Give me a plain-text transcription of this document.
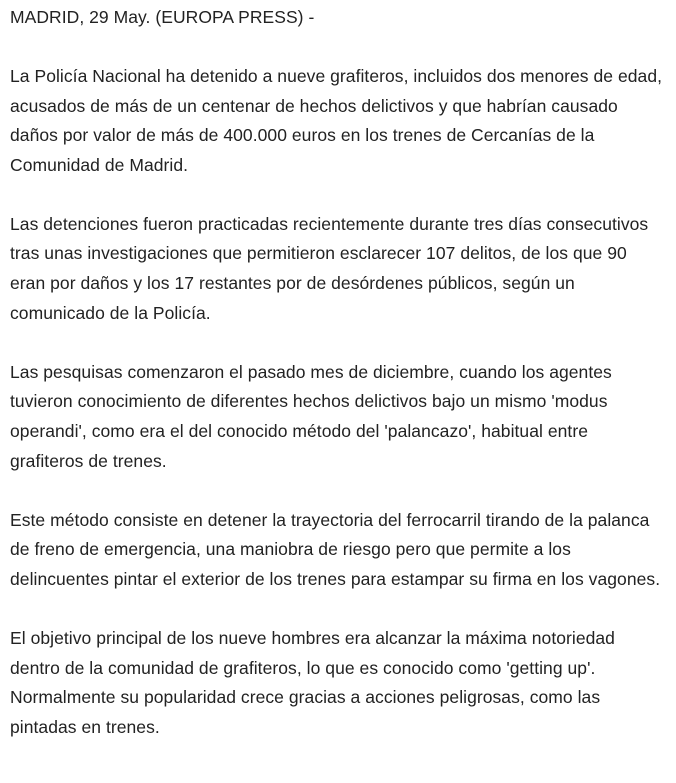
MADRID, 29 May. (EUROPA PRESS) -

La Policía Nacional ha detenido a nueve grafiteros, incluidos dos menores de edad, acusados de más de un centenar de hechos delictivos y que habrían causado daños por valor de más de 400.000 euros en los trenes de Cercanías de la Comunidad de Madrid.

Las detenciones fueron practicadas recientemente durante tres días consecutivos tras unas investigaciones que permitieron esclarecer 107 delitos, de los que 90 eran por daños y los 17 restantes por de desórdenes públicos, según un comunicado de la Policía.

Las pesquisas comenzaron el pasado mes de diciembre, cuando los agentes tuvieron conocimiento de diferentes hechos delictivos bajo un mismo 'modus operandi', como era el del conocido método del 'palancazo', habitual entre grafiteros de trenes.

Este método consiste en detener la trayectoria del ferrocarril tirando de la palanca de freno de emergencia, una maniobra de riesgo pero que permite a los delincuentes pintar el exterior de los trenes para estampar su firma en los vagones.

El objetivo principal de los nueve hombres era alcanzar la máxima notoriedad dentro de la comunidad de grafiteros, lo que es conocido como 'getting up'. Normalmente su popularidad crece gracias a acciones peligrosas, como las pintadas en trenes.
